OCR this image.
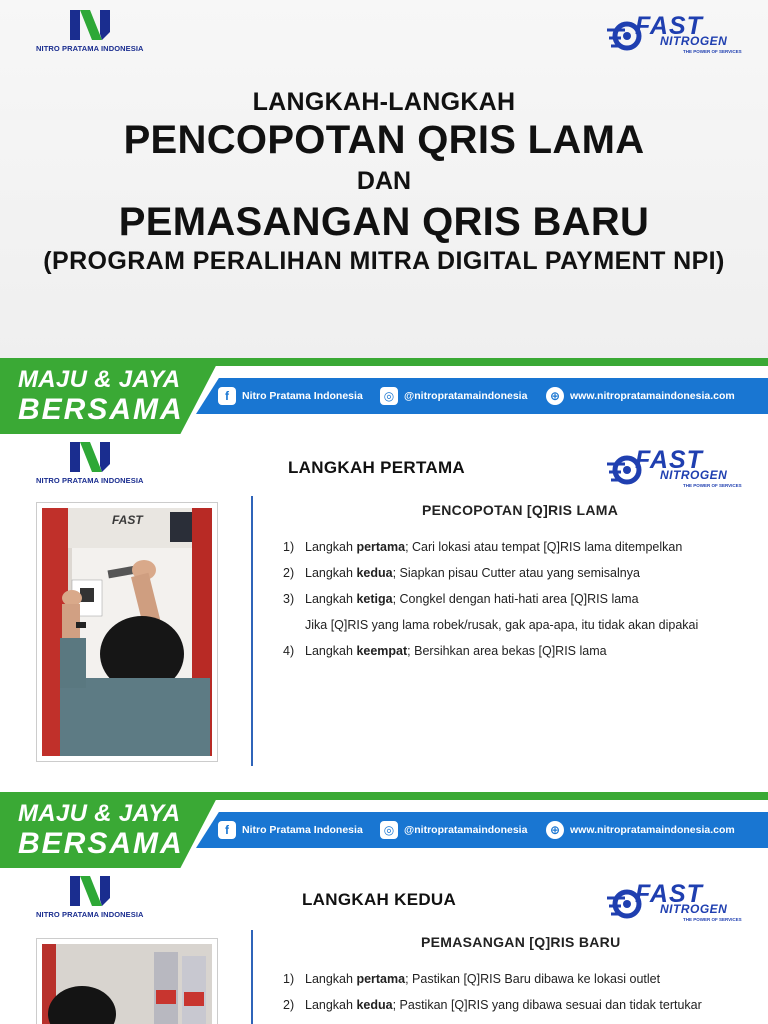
NITRO PRATAMA INDONESIA
FAST
NITROGEN
THE POWER OF SERVICES
LANGKAH-LANGKAH
PENCOPOTAN QRIS LAMA
DAN
PEMASANGAN QRIS BARU
(PROGRAM PERALIHAN MITRA DIGITAL PAYMENT NPI)
MAJU & JAYA
BERSAMA	f	Nitro Pratama Indonesia	◎ @nitropratamaindonesia	⊕ www.nitropratamaindonesia.com
NITRO PRATAMA INDONESIA
LANGKAH PERTAMA	FAST
NITROGEN
THE POWER OF SERVICES
FAST
PENCOPOTAN [Q]RIS LAMA
1) Langkah pertama; Cari lokasi atau tempat [Q]RIS lama ditempelkan
2) Langkah kedua; Siapkan pisau Cutter atau yang semisalnya
3) Langkah ketiga; Congkel dengan hati-hati area [Q]RIS lama
Jika [Q]RIS yang lama robek/rusak, gak apa-apa, itu tidak akan dipakai
4) Langkah keempat; Bersihkan area bekas [Q]RIS lama
MAJU & JAYA
BERSAMA	f	Nitro Pratama Indonesia	◎ @nitropratamaindonesia	⊕ www.nitropratamaindonesia.com
NITRO PRATAMA INDONESIA
LANGKAH KEDUA	FAST
NITROGEN
THE POWER OF SERVICES
PEMASANGAN [Q]RIS BARU
1) Langkah pertama; Pastikan [Q]RIS Baru dibawa ke lokasi outlet
2) Langkah kedua; Pastikan [Q]RIS yang dibawa sesuai dan tidak tertukar
